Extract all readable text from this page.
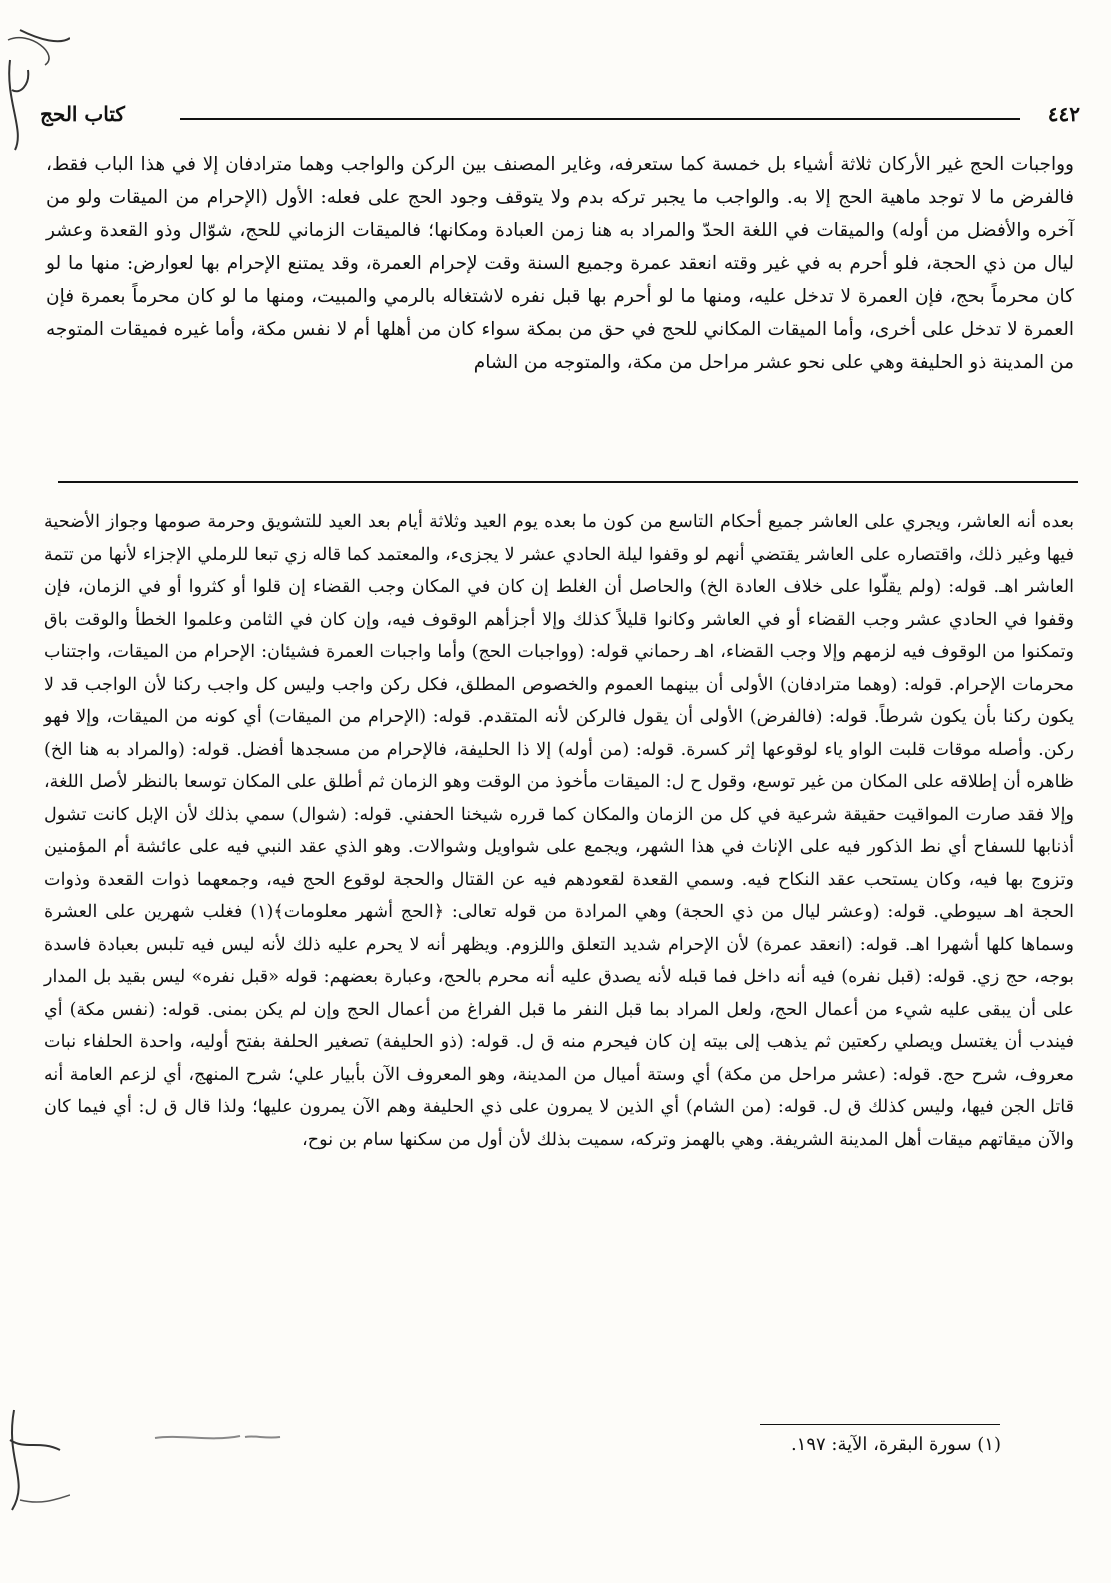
٤٤٢
كتاب الحج

وواجبات الحج غير الأركان ثلاثة أشياء بل خمسة كما ستعرفه، وغاير المصنف بين الركن والواجب وهما مترادفان إلا في هذا الباب فقط، فالفرض ما لا توجد ماهية الحج إلا به. والواجب ما يجبر تركه بدم ولا يتوقف وجود الحج على فعله: الأول (الإحرام من الميقات ولو من آخره والأفضل من أوله) والميقات في اللغة الحدّ والمراد به هنا زمن العبادة ومكانها؛ فالميقات الزماني للحج، شوّال وذو القعدة وعشر ليال من ذي الحجة، فلو أحرم به في غير وقته انعقد عمرة وجميع السنة وقت لإحرام العمرة، وقد يمتنع الإحرام بها لعوارض: منها ما لو كان محرماً بحج، فإن العمرة لا تدخل عليه، ومنها ما لو أحرم بها قبل نفره لاشتغاله بالرمي والمبيت، ومنها ما لو كان محرماً بعمرة فإن العمرة لا تدخل على أخرى، وأما الميقات المكاني للحج في حق من بمكة سواء كان من أهلها أم لا نفس مكة، وأما غيره فميقات المتوجه من المدينة ذو الحليفة وهي على نحو عشر مراحل من مكة، والمتوجه من الشام

بعده أنه العاشر، ويجري على العاشر جميع أحكام التاسع من كون ما بعده يوم العيد وثلاثة أيام بعد العيد للتشويق وحرمة صومها وجواز الأضحية فيها وغير ذلك، واقتصاره على العاشر يقتضي أنهم لو وقفوا ليلة الحادي عشر لا يجزىء، والمعتمد كما قاله زي تبعا للرملي الإجزاء لأنها من تتمة العاشر اهـ. قوله: (ولم يقلّوا على خلاف العادة الخ) والحاصل أن الغلط إن كان في المكان وجب القضاء إن قلوا أو كثروا أو في الزمان، فإن وقفوا في الحادي عشر وجب القضاء أو في العاشر وكانوا قليلاً كذلك وإلا أجزأهم الوقوف فيه، وإن كان في الثامن وعلموا الخطأ والوقت باق وتمكنوا من الوقوف فيه لزمهم وإلا وجب القضاء، اهـ رحماني قوله: (وواجبات الحج) وأما واجبات العمرة فشيئان: الإحرام من الميقات، واجتناب محرمات الإحرام. قوله: (وهما مترادفان) الأولى أن بينهما العموم والخصوص المطلق، فكل ركن واجب وليس كل واجب ركنا لأن الواجب قد لا يكون ركنا بأن يكون شرطاً. قوله: (فالفرض) الأولى أن يقول فالركن لأنه المتقدم. قوله: (الإحرام من الميقات) أي كونه من الميقات، وإلا فهو ركن. وأصله موقات قلبت الواو ياء لوقوعها إثر كسرة. قوله: (من أوله) إلا ذا الحليفة، فالإحرام من مسجدها أفضل. قوله: (والمراد به هنا الخ) ظاهره أن إطلاقه على المكان من غير توسع، وقول ح ل: الميقات مأخوذ من الوقت وهو الزمان ثم أطلق على المكان توسعا بالنظر لأصل اللغة، وإلا فقد صارت المواقيت حقيقة شرعية في كل من الزمان والمكان كما قرره شيخنا الحفني. قوله: (شوال) سمي بذلك لأن الإبل كانت تشول أذنابها للسفاح أي نط الذكور فيه على الإناث في هذا الشهر، ويجمع على شواويل وشوالات. وهو الذي عقد النبي فيه على عائشة أم المؤمنين وتزوج بها فيه، وكان يستحب عقد النكاح فيه. وسمي القعدة لقعودهم فيه عن القتال والحجة لوقوع الحج فيه، وجمعهما ذوات القعدة وذوات الحجة اهـ سيوطي. قوله: (وعشر ليال من ذي الحجة) وهي المرادة من قوله تعالى: ﴿الحج أشهر معلومات﴾(١) فغلب شهرين على العشرة وسماها كلها أشهرا اهـ. قوله: (انعقد عمرة) لأن الإحرام شديد التعلق واللزوم. ويظهر أنه لا يحرم عليه ذلك لأنه ليس فيه تلبس بعبادة فاسدة بوجه، حج زي. قوله: (قبل نفره) فيه أنه داخل فما قبله لأنه يصدق عليه أنه محرم بالحج، وعبارة بعضهم: قوله «قبل نفره» ليس بقيد بل المدار على أن يبقى عليه شيء من أعمال الحج، ولعل المراد بما قبل النفر ما قبل الفراغ من أعمال الحج وإن لم يكن بمنى. قوله: (نفس مكة) أي فيندب أن يغتسل ويصلي ركعتين ثم يذهب إلى بيته إن كان فيحرم منه ق ل. قوله: (ذو الحليفة) تصغير الحلفة بفتح أوليه، واحدة الحلفاء نبات معروف، شرح حج. قوله: (عشر مراحل من مكة) أي وستة أميال من المدينة، وهو المعروف الآن بأبيار علي؛ شرح المنهج، أي لزعم العامة أنه قاتل الجن فيها، وليس كذلك ق ل. قوله: (من الشام) أي الذين لا يمرون على ذي الحليفة وهم الآن يمرون عليها؛ ولذا قال ق ل: أي فيما كان والآن ميقاتهم ميقات أهل المدينة الشريفة. وهي بالهمز وتركه، سميت بذلك لأن أول من سكنها سام بن نوح،

(١) سورة البقرة، الآية: ١٩٧.
